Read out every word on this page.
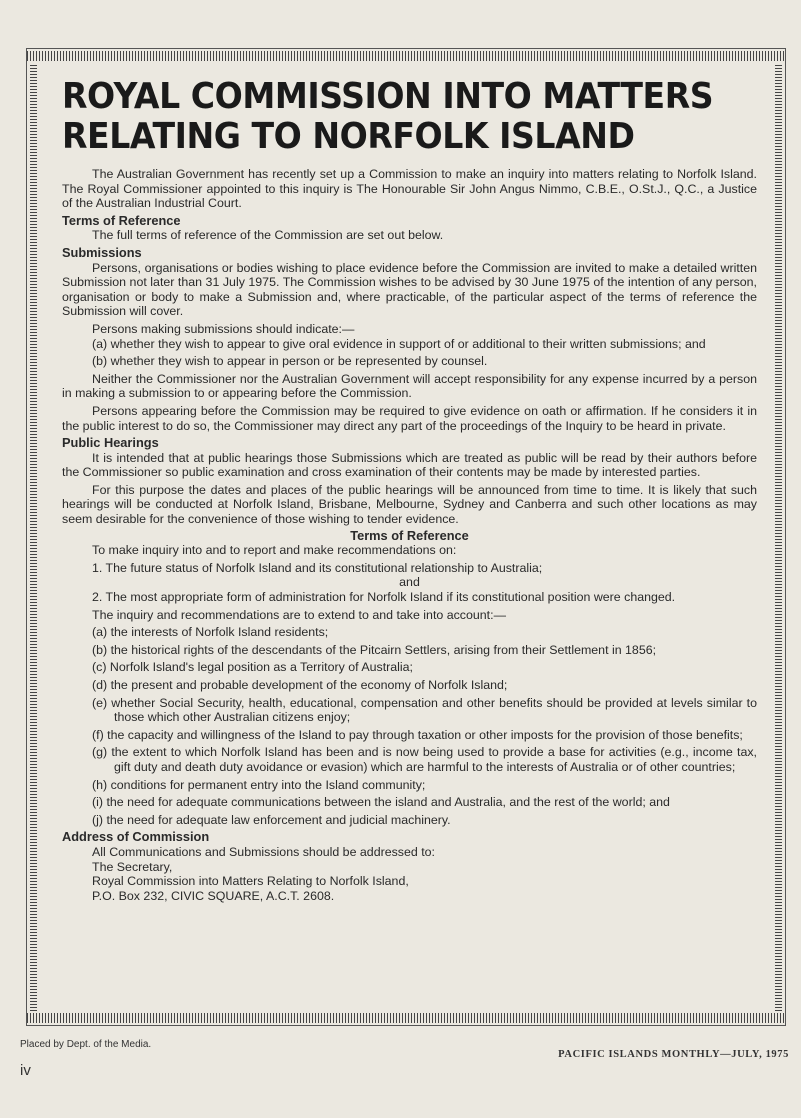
ROYAL COMMISSION INTO MATTERS
RELATING TO NORFOLK ISLAND

The Australian Government has recently set up a Commission to make an inquiry into matters relating to Norfolk Island. The Royal Commissioner appointed to this inquiry is The Honourable Sir John Angus Nimmo, C.B.E., O.St.J., Q.C., a Justice of the Australian Industrial Court.

Terms of Reference

The full terms of reference of the Commission are set out below.

Submissions

Persons, organisations or bodies wishing to place evidence before the Commission are invited to make a detailed written Submission not later than 31 July 1975. The Commission wishes to be advised by 30 June 1975 of the intention of any person, organisation or body to make a Submission and, where practicable, of the particular aspect of the terms of reference the Submission will cover.

Persons making submissions should indicate:—

(a) whether they wish to appear to give oral evidence in support of or additional to their written submissions; and

(b) whether they wish to appear in person or be represented by counsel.

Neither the Commissioner nor the Australian Government will accept responsibility for any expense incurred by a person in making a submission to or appearing before the Commission.

Persons appearing before the Commission may be required to give evidence on oath or affirmation. If he considers it in the public interest to do so, the Commissioner may direct any part of the proceedings of the Inquiry to be heard in private.

Public Hearings

It is intended that at public hearings those Submissions which are treated as public will be read by their authors before the Commissioner so public examination and cross examination of their contents may be made by interested parties.

For this purpose the dates and places of the public hearings will be announced from time to time. It is likely that such hearings will be conducted at Norfolk Island, Brisbane, Melbourne, Sydney and Canberra and such other locations as may seem desirable for the convenience of those wishing to tender evidence.

Terms of Reference

To make inquiry into and to report and make recommendations on:

1. The future status of Norfolk Island and its constitutional relationship to Australia;

and

2. The most appropriate form of administration for Norfolk Island if its constitutional position were changed.

The inquiry and recommendations are to extend to and take into account:—

(a) the interests of Norfolk Island residents;

(b) the historical rights of the descendants of the Pitcairn Settlers, arising from their Settlement in 1856;

(c) Norfolk Island's legal position as a Territory of Australia;

(d) the present and probable development of the economy of Norfolk Island;

(e) whether Social Security, health, educational, compensation and other benefits should be provided at levels similar to those which other Australian citizens enjoy;

(f) the capacity and willingness of the Island to pay through taxation or other imposts for the provision of those benefits;

(g) the extent to which Norfolk Island has been and is now being used to provide a base for activities (e.g., income tax, gift duty and death duty avoidance or evasion) which are harmful to the interests of Australia or of other countries;

(h) conditions for permanent entry into the Island community;

(i) the need for adequate communications between the island and Australia, and the rest of the world; and

(j) the need for adequate law enforcement and judicial machinery.

Address of Commission

All Communications and Submissions should be addressed to:

The Secretary,

Royal Commission into Matters Relating to Norfolk Island,

P.O. Box 232, CIVIC SQUARE, A.C.T. 2608.

Placed by Dept. of the Media.
iv
PACIFIC ISLANDS MONTHLY—JULY, 1975
